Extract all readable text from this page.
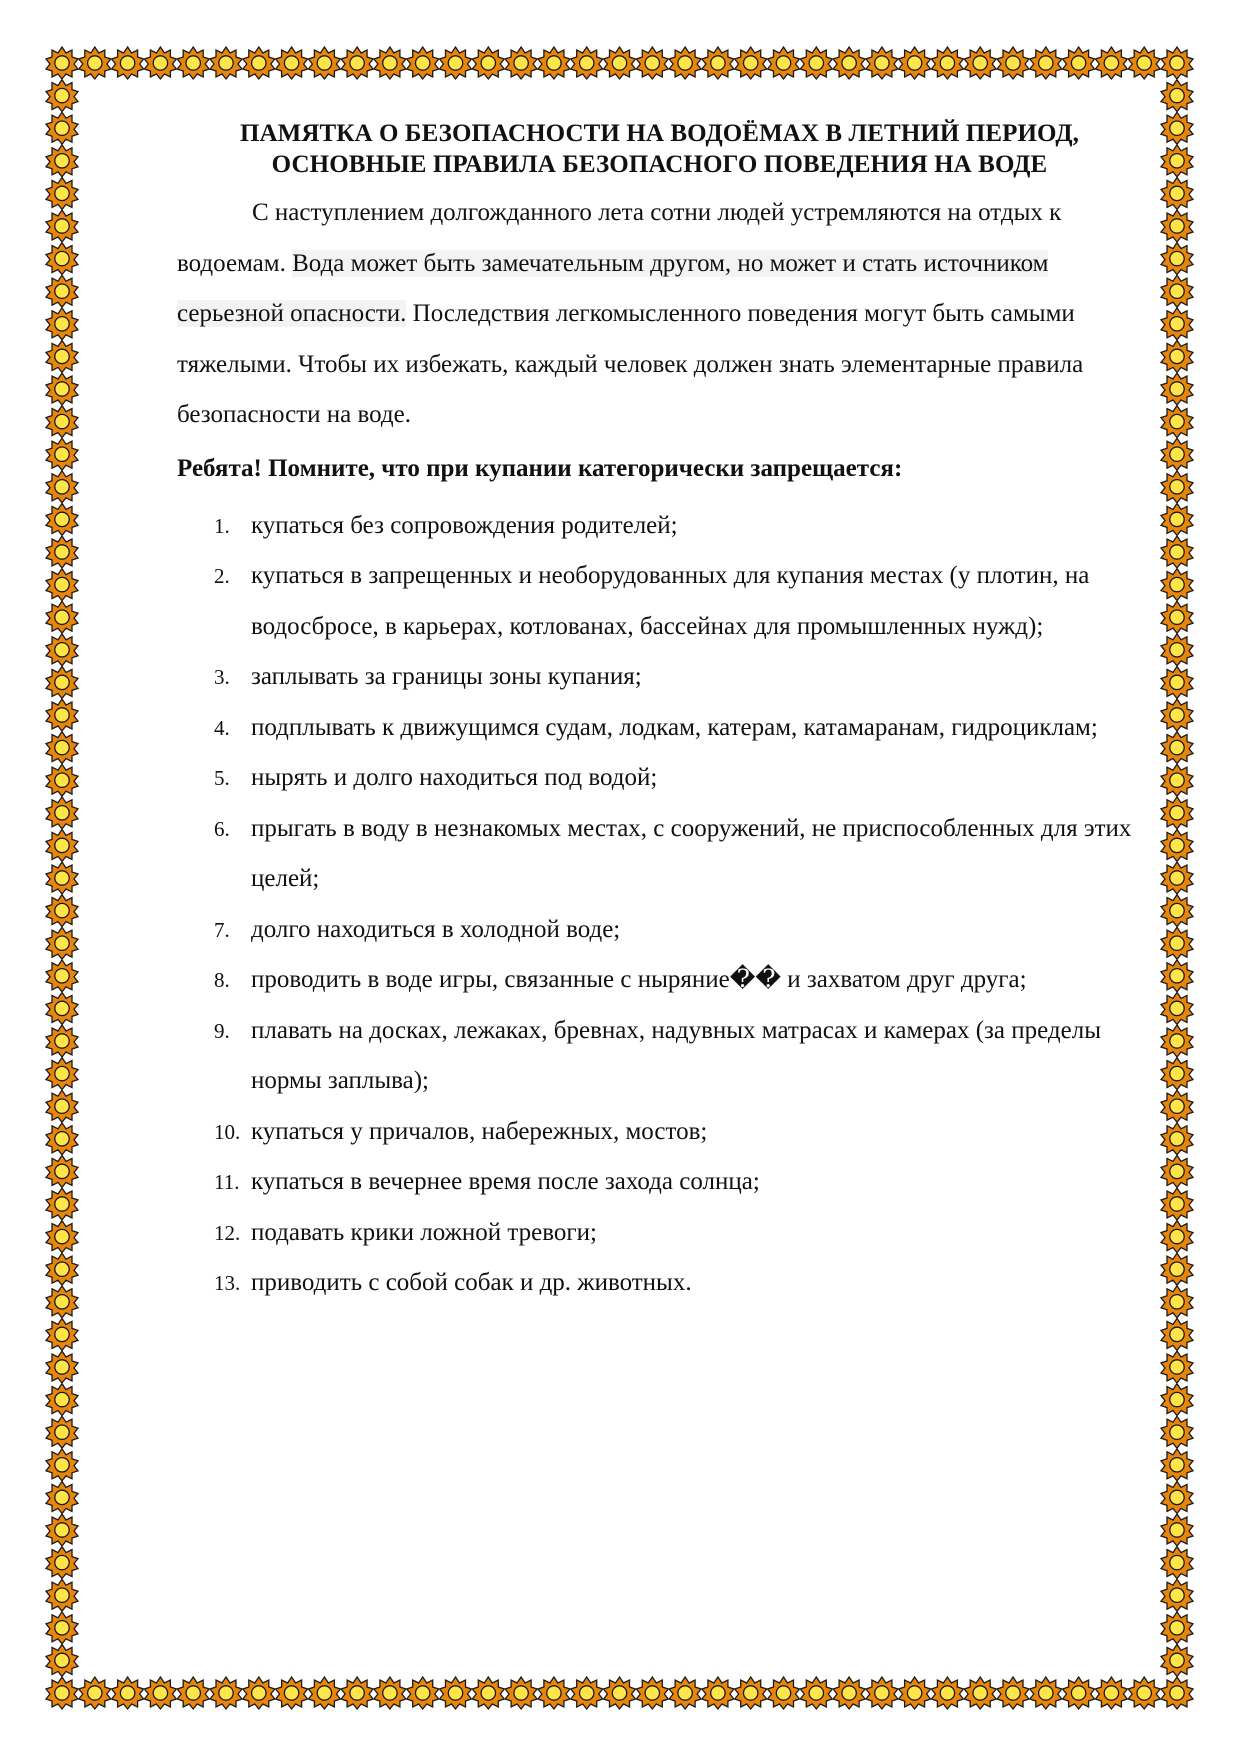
ПАМЯТКА О БЕЗОПАСНОСТИ НА ВОДОЁМАХ В ЛЕТНИЙ ПЕРИОД,
ОСНОВНЫЕ ПРАВИЛА БЕЗОПАСНОГО ПОВЕДЕНИЯ НА ВОДЕ

С наступлением долгожданного лета сотни людей устремляются на отдых к водоемам. Вода может быть замечательным другом, но может и стать источником серьезной опасности. Последствия легкомысленного поведения могут быть самыми тяжелыми. Чтобы их избежать, каждый человек должен знать элементарные правила безопасности на воде.

Ребята! Помните, что при купании категорически запрещается:

1. купаться без сопровождения родителей;
2. купаться в запрещенных и необорудованных для купания местах (у плотин, на водосбросе, в карьерах, котлованах, бассейнах для промышленных нужд);
3. заплывать за границы зоны купания;
4. подплывать к движущимся судам, лодкам, катерам, катамаранам, гидроциклам;
5. нырять и долго находиться под водой;
6. прыгать в воду в незнакомых местах, с сооружений, не приспособленных для этих целей;
7. долго находиться в холодной воде;
8. проводить в воде игры, связанные с ныряние�� и захватом друг друга;
9. плавать на досках, лежаках, бревнах, надувных матрасах и камерах (за пределы нормы заплыва);
10. купаться у причалов, набережных, мостов;
11. купаться в вечернее время после захода солнца;
12. подавать крики ложной тревоги;
13. приводить с собой собак и др. животных.
